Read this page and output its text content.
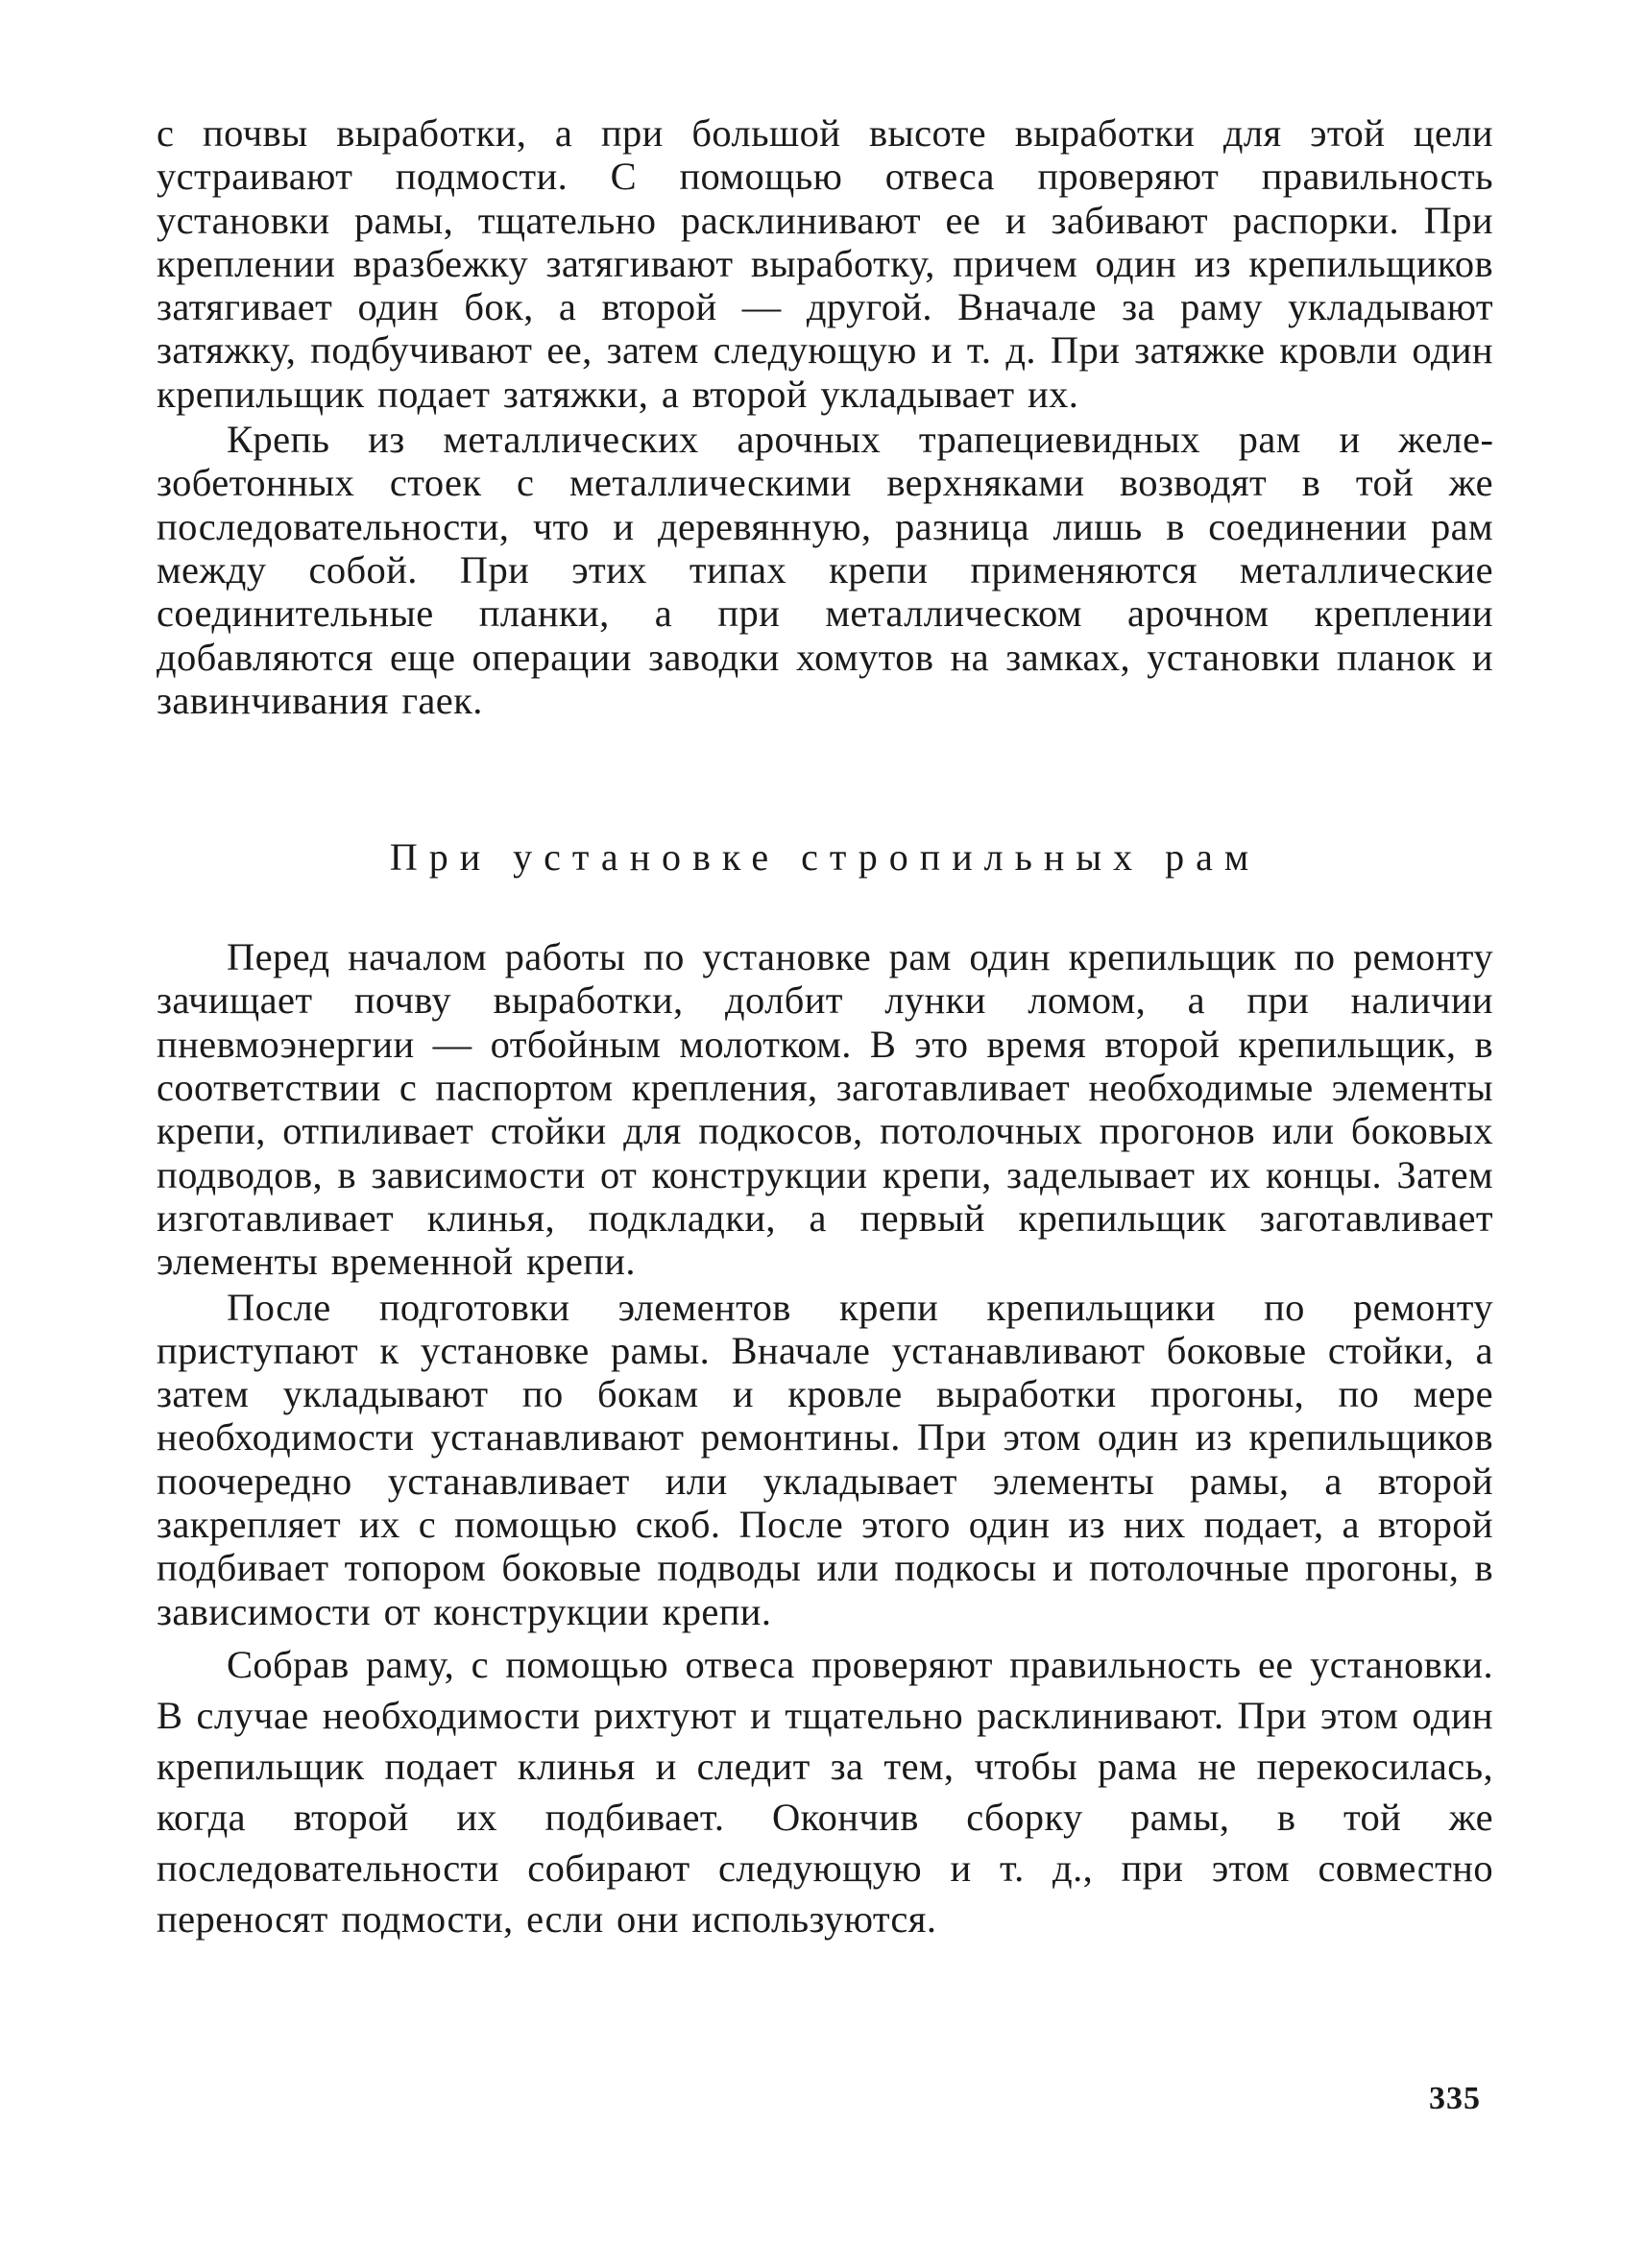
с почвы выработки, а при большой высоте выработки для этой цели устраивают подмости. С помощью отвеса проверяют правильность установки рамы, тщательно расклинивают ее и забивают распорки. При креплении вразбежку затягивают выработку, причем один из крепильщиков затягивает один бок, а второй — другой. Вначале за раму укладывают затяжку, подбучивают ее, затем следующую и т. д. При затяжке кровли один крепильщик подает затяжки, а второй укладывает их.

Крепь из металлических арочных трапециевидных рам и железобетонных стоек с металлическими верхняками возводят в той же последовательности, что и деревянную, разница лишь в соединении рам между собой. При этих типах крепи применяются металлические соединительные планки, а при металлическом арочном креплении добавляются еще операции заводки хомутов на замках, установки планок и завинчивания гаек.

При установке стропильных рам

Перед началом работы по установке рам один крепильщик по ремонту зачищает почву выработки, долбит лунки ломом, а при наличии пневмоэнергии — отбойным молотком. В это время второй крепильщик, в соответствии с паспортом крепления, заготавливает необходимые элементы крепи, отпиливает стойки для подкосов, потолочных прогонов или боковых подводов, в зависимости от конструкции крепи, заделывает их концы. Затем изготавливает клинья, подкладки, а первый крепильщик заготавливает элементы временной крепи.

После подготовки элементов крепи крепильщики по ремонту приступают к установке рамы. Вначале устанавливают боковые стойки, а затем укладывают по бокам и кровле выработки прогоны, по мере необходимости устанавливают ремонтины. При этом один из крепильщиков поочередно устанавливает или укладывает элементы рамы, а второй закрепляет их с помощью скоб. После этого один из них подает, а второй подбивает топором боковые подводы или подкосы и потолочные прогоны, в зависимости от конструкции крепи.

Собрав раму, с помощью отвеса проверяют правильность ее установки. В случае необходимости рихтуют и тщательно расклинивают. При этом один крепильщик подает клинья и следит за тем, чтобы рама не перекосилась, когда второй их подбивает. Окончив сборку рамы, в той же последовательности собирают следующую и т. д., при этом совместно переносят подмости, если они используются.

335
